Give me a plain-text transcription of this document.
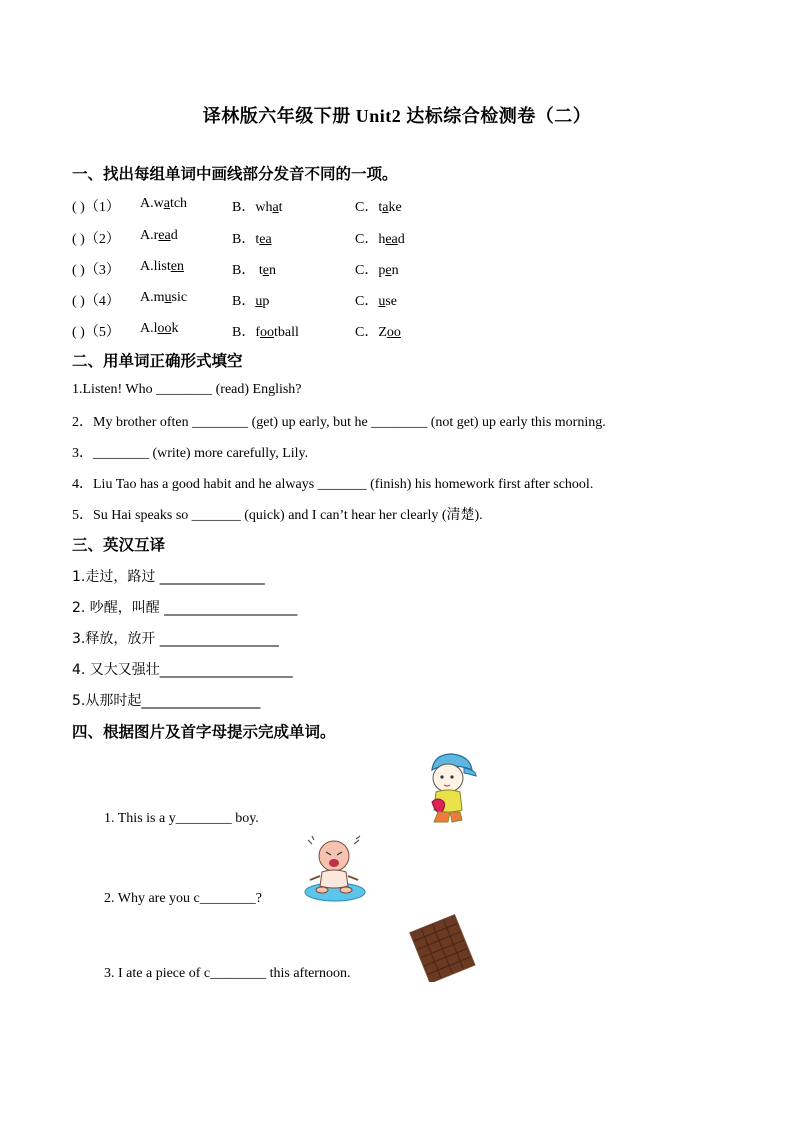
译林版六年级下册 Unit2 达标综合检测卷（二）
一、找出每组单词中画线部分发音不同的一项。
( )（1） A.watch	B．what	C．take
( )（2） A.read	B．tea	C．head
( )（3） A.listen	B． ten	C．pen
( )（4） A.music	B．up	C．use
( )（5） A.look	B．football	C．Zoo
二、用单词正确形式填空
1.Listen! Who ________ (read) English?
2．My brother often ________ (get) up early, but he ________ (not get) up early this morning.
3．________ (write) more carefully, Lily.
4．Liu Tao has a good habit and he always _______ (finish) his homework first after school.
5．Su Hai speaks so _______ (quick) and I can’t hear her clearly (清楚).
三、英汉互译
1.走过，路过 _______________
2. 吵醒，叫醒 ___________________
3.释放，放开 _________________
4. 又大又强壮___________________
5.从那时起_________________
四、根据图片及首字母提示完成单词。
1. This is a y________ boy.
2. Why are you c________?
3. I ate a piece of c________ this afternoon.
